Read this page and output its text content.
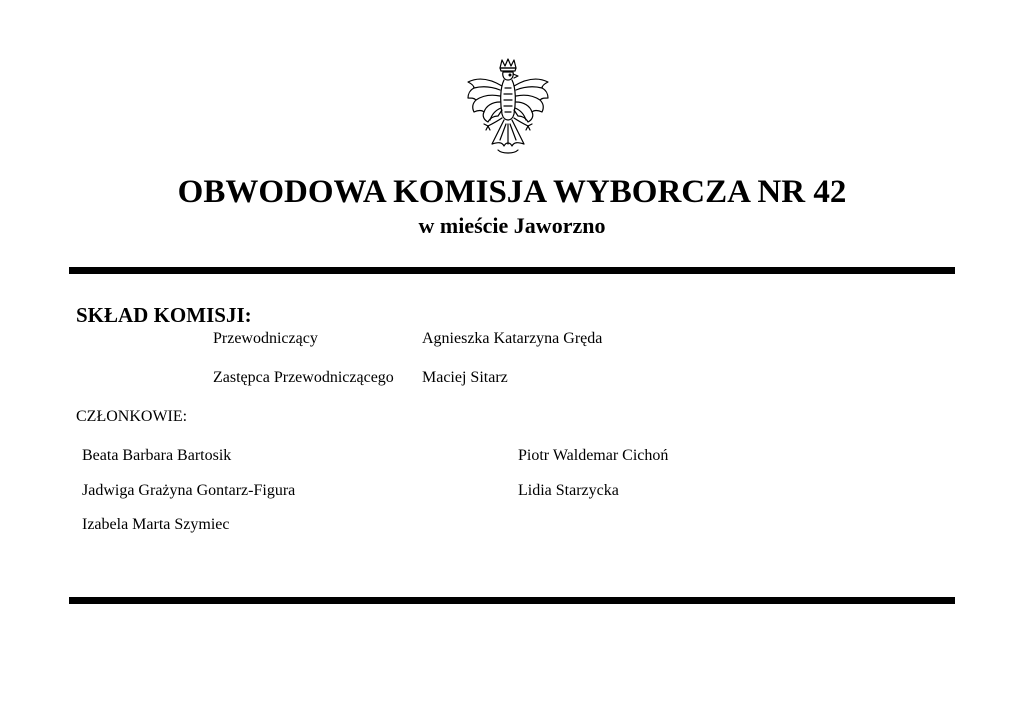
OBWODOWA KOMISJA WYBORCZA NR 42
w mieście Jaworzno
SKŁAD KOMISJI:
Przewodniczący	Agnieszka Katarzyna Gręda
Zastępca Przewodniczącego Maciej Sitarz
CZŁONKOWIE:
Beata Barbara Bartosik	Piotr Waldemar Cichoń
Jadwiga Grażyna Gontarz-Figura	Lidia Starzycka
Izabela Marta Szymiec
